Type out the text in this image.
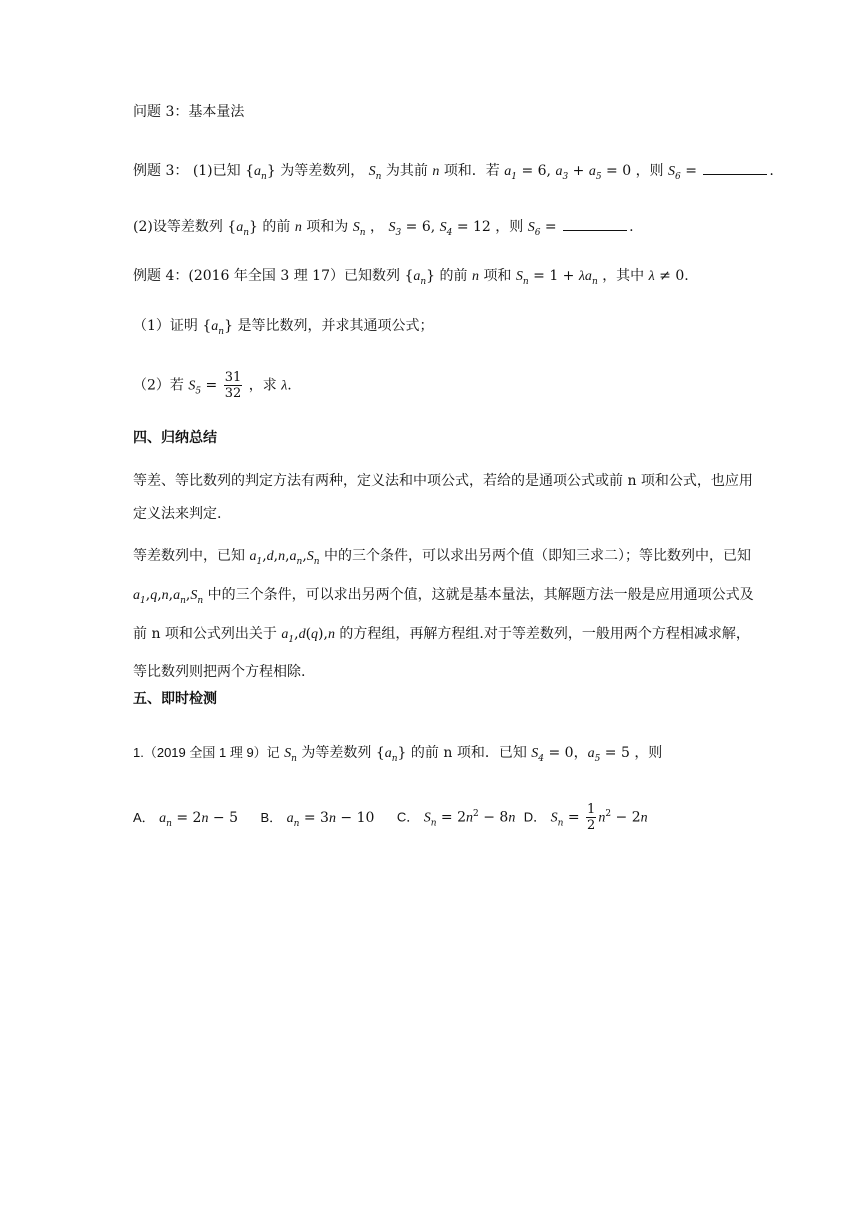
问题 3：基本量法
例题 3： (1)已知 $\{a_n\}$ 为等差数列， $S_n$ 为其前 n 项和．若 $a_1 = 6$, $a_3 + a_5 = 0$ ，则 $S_6$ =	.
(2)设等差数列 $\{a_n\}$ 的前 n 项和为 $S_n$ ， $S_3 = 6$, $S_4 = 12$ ，则 $S_6$ =	.
例题 4：(2016 年全国 3 理 17）已知数列 $\{a_n\}$ 的前 n 项和 $S_n = 1 + \lambda a_n$ ，其中 λ ≠ 0.
（1）证明 $\{a_n\}$ 是等比数列，并求其通项公式；
（2）若 $S_5 = \frac{31}{32}$ ，求 λ.
四、归纳总结
等差、等比数列的判定方法有两种，定义法和中项公式，若给的是通项公式或前 n 项和公式，也应用定义法来判定.
等差数列中，已知 $a_1,d,n,a_n,S_n$ 中的三个条件，可以求出另两个值（即知三求二）；等比数列中，已知 $a_1,q,n,a_n,S_n$ 中的三个条件，可以求出另两个值，这就是基本量法，其解题方法一般是应用通项公式及前 n 项和公式列出关于 $a_1,d(q),n$ 的方程组，再解方程组.对于等差数列，一般用两个方程相减求解，等比数列则把两个方程相除.
五、即时检测
1.（2019 全国 1 理 9）记 $S_n$ 为等差数列 $\{a_n\}$ 的前 n 项和．已知 $S_4 = 0$，$a_5 = 5$ ，则
A． $a_n = 2n - 5$ B． $a_n = 3n - 10$ C． $S_n = 2n^2 - 8n$ D． $S_n = \frac{1}{2} n^2 - 2n$
